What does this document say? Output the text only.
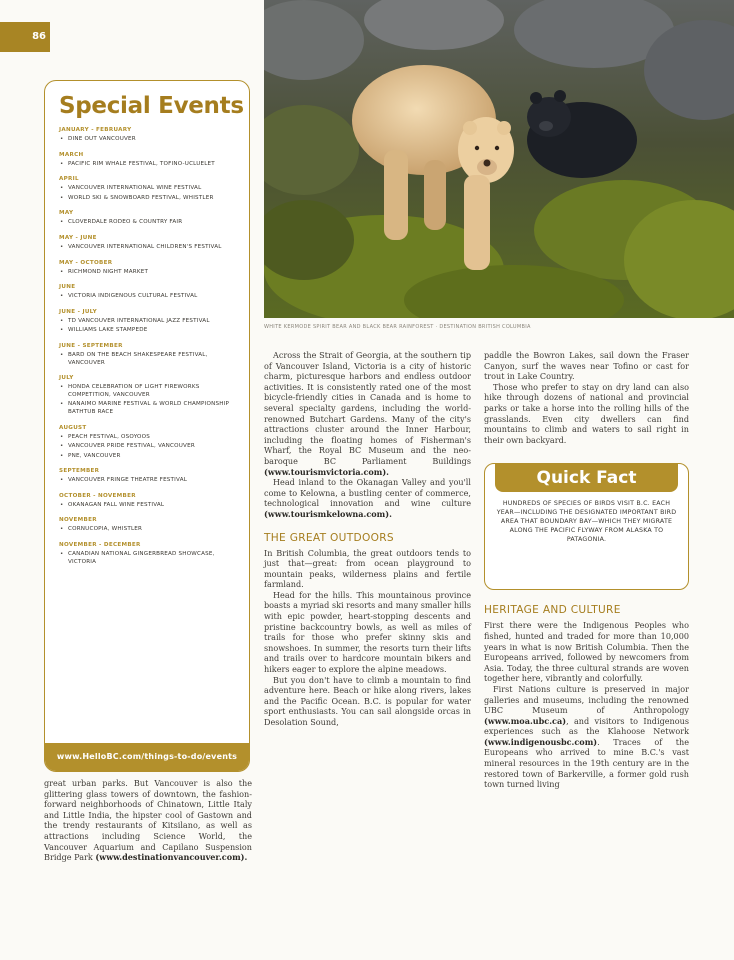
86
WHITE KERMODE SPIRIT BEAR AND BLACK BEAR RAINFOREST · DESTINATION BRITISH COLUMBIA
Special Events
JANUARY - FEBRUARY
• DINE OUT VANCOUVER
MARCH
• PACIFIC RIM WHALE FESTIVAL, TOFINO-UCLUELET
APRIL
• VANCOUVER INTERNATIONAL WINE FESTIVAL
• WORLD SKI & SNOWBOARD FESTIVAL, WHISTLER
MAY
• CLOVERDALE RODEO & COUNTRY FAIR
MAY - JUNE
• VANCOUVER INTERNATIONAL CHILDREN'S FESTIVAL
MAY - OCTOBER
• RICHMOND NIGHT MARKET
JUNE
• VICTORIA INDIGENOUS CULTURAL FESTIVAL
JUNE - JULY
• TD VANCOUVER INTERNATIONAL JAZZ FESTIVAL
• WILLIAMS LAKE STAMPEDE
JUNE - SEPTEMBER
• BARD ON THE BEACH SHAKESPEARE FESTIVAL, VANCOUVER
JULY
• HONDA CELEBRATION OF LIGHT FIREWORKS COMPETITION, VANCOUVER
• NANAIMO MARINE FESTIVAL & WORLD CHAMPIONSHIP BATHTUB RACE
AUGUST
• PEACH FESTIVAL, OSOYOOS
• VANCOUVER PRIDE FESTIVAL, VANCOUVER
• PNE, VANCOUVER
SEPTEMBER
• VANCOUVER FRINGE THEATRE FESTIVAL
OCTOBER - NOVEMBER
• OKANAGAN FALL WINE FESTIVAL
NOVEMBER
• CORNUCOPIA, WHISTLER
NOVEMBER - DECEMBER
• CANADIAN NATIONAL GINGERBREAD SHOWCASE, VICTORIA
www.HelloBC.com/things-to-do/events

great urban parks. But Vancouver is also the glittering glass towers of downtown, the fashion-forward neighborhoods of Chinatown, Little Italy and Little India, the hipster cool of Gastown and the trendy restaurants of Kitsilano, as well as attractions including Science World, the Vancouver Aquarium and Capilano Suspension Bridge Park (www.destinationvancouver.com).

Across the Strait of Georgia, at the southern tip of Vancouver Island, Victoria is a city of historic charm, picturesque harbors and endless outdoor activities. It is consistently rated one of the most bicycle-friendly cities in Canada and is home to several specialty gardens, including the world-renowned Butchart Gardens. Many of the city's attractions cluster around the Inner Harbour, including the floating homes of Fisherman's Wharf, the Royal BC Museum and the neo-baroque BC Parliament Buildings (www.tourismvictoria.com).

Head inland to the Okanagan Valley and you'll come to Kelowna, a bustling center of commerce, technological innovation and wine culture (www.tourismkelowna.com).

THE GREAT OUTDOORS

In British Columbia, the great outdoors tends to just that—great: from ocean playground to mountain peaks, wilderness plains and fertile farmland.

Head for the hills. This mountainous province boasts a myriad ski resorts and many smaller hills with epic powder, heart-stopping descents and pristine backcountry bowls, as well as miles of trails for those who prefer skinny skis and snowshoes. In summer, the resorts turn their lifts and trails over to hardcore mountain bikers and hikers eager to explore the alpine meadows.

But you don't have to climb a mountain to find adventure here. Beach or hike along rivers, lakes and the Pacific Ocean. B.C. is popular for water sport enthusiasts. You can sail alongside orcas in Desolation Sound,

paddle the Bowron Lakes, sail down the Fraser Canyon, surf the waves near Tofino or cast for trout in Lake Country.

Those who prefer to stay on dry land can also hike through dozens of national and provincial parks or take a horse into the rolling hills of the grasslands. Even city dwellers can find mountains to climb and waters to sail right in their own backyard.

Quick Fact
HUNDREDS OF SPECIES OF BIRDS VISIT B.C. EACH YEAR—INCLUDING THE DESIGNATED IMPORTANT BIRD AREA THAT BOUNDARY BAY—WHICH THEY MIGRATE ALONG THE PACIFIC FLYWAY FROM ALASKA TO PATAGONIA.
HERITAGE AND CULTURE

First there were the Indigenous Peoples who fished, hunted and traded for more than 10,000 years in what is now British Columbia. Then the Europeans arrived, followed by newcomers from Asia. Today, the three cultural strands are woven together here, vibrantly and colorfully.

First Nations culture is preserved in major galleries and museums, including the renowned UBC Museum of Anthropology (www.moa.ubc.ca), and visitors to Indigenous experiences such as the Klahoose Network (www.indigenousbc.com). Traces of the Europeans who arrived to mine B.C.'s vast mineral resources in the 19th century are in the restored town of Barkerville, a former gold rush town turned living
